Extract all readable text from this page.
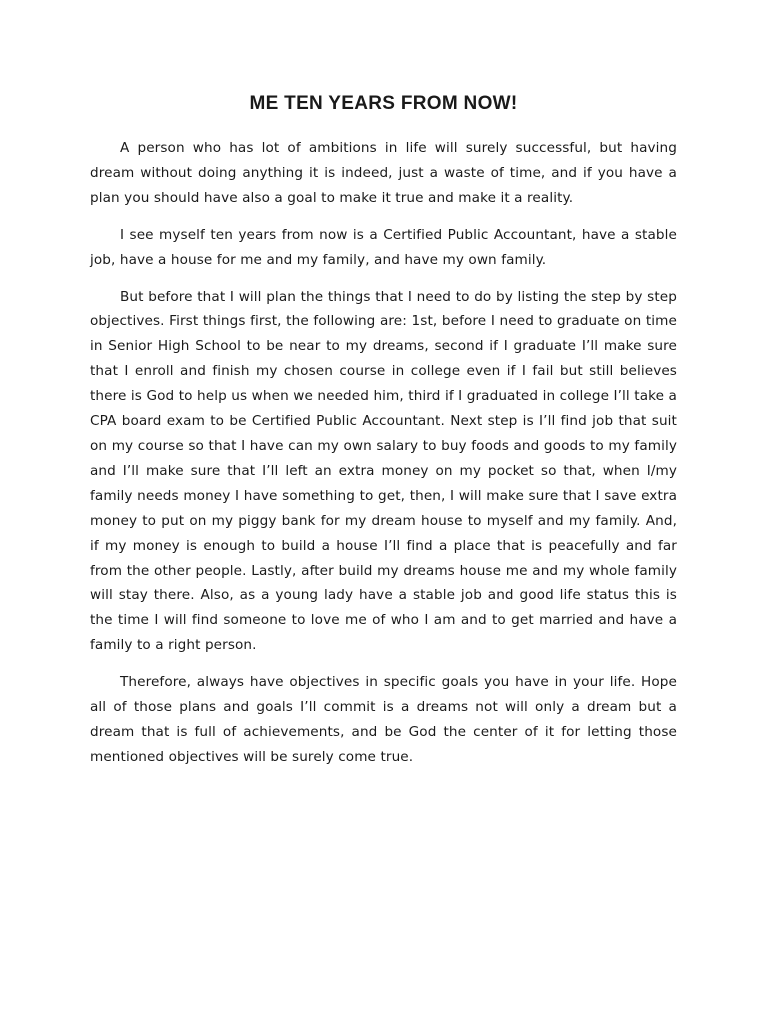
ME TEN YEARS FROM NOW!

A person who has lot of ambitions in life will surely successful, but having dream without doing anything it is indeed, just a waste of time, and if you have a plan you should have also a goal to make it true and make it a reality.

I see myself ten years from now is a Certified Public Accountant, have a stable job, have a house for me and my family, and have my own family.

But before that I will plan the things that I need to do by listing the step by step objectives. First things first, the following are: 1st, before I need to graduate on time in Senior High School to be near to my dreams, second if I graduate I’ll make sure that I enroll and finish my chosen course in college even if I fail but still believes there is God to help us when we needed him, third if I graduated in college I’ll take a CPA board exam to be Certified Public Accountant. Next step is I’ll find job that suit on my course so that I have can my own salary to buy foods and goods to my family and I’ll make sure that I’ll left an extra money on my pocket so that, when I/my family needs money I have something to get, then, I will make sure that I save extra money to put on my piggy bank for my dream house to myself and my family. And, if my money is enough to build a house I’ll find a place that is peacefully and far from the other people. Lastly, after build my dreams house me and my whole family will stay there. Also, as a young lady have a stable job and good life status this is the time I will find someone to love me of who I am and to get married and have a family to a right person.

Therefore, always have objectives in specific goals you have in your life. Hope all of those plans and goals I’ll commit is a dreams not will only a dream but a dream that is full of achievements, and be God the center of it for letting those mentioned objectives will be surely come true.
